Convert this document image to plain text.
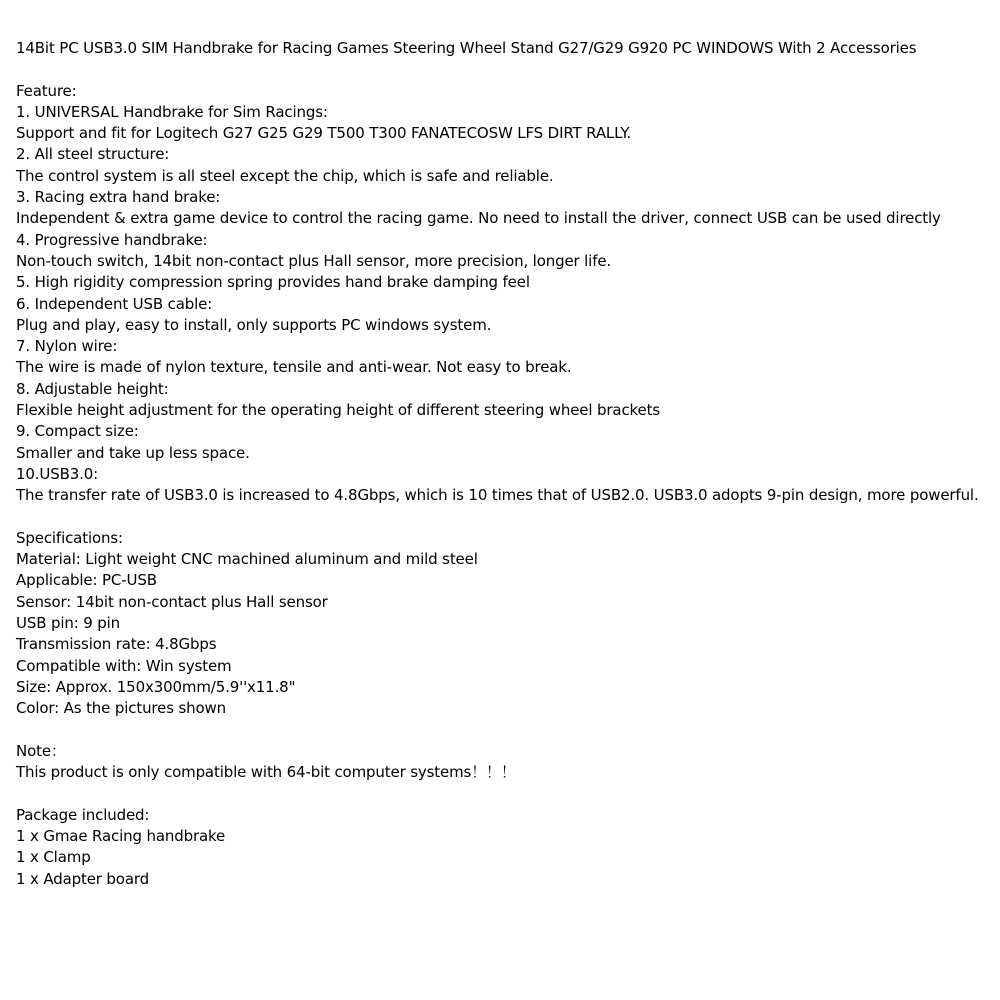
14Bit PC USB3.0 SIM Handbrake for Racing Games Steering Wheel Stand G27/G29 G920 PC WINDOWS With 2 Accessories
Feature:
1. UNIVERSAL Handbrake for Sim Racings:
Support and fit for Logitech G27 G25 G29 T500 T300 FANATECOSW LFS DIRT RALLY.
2. All steel structure:
The control system is all steel except the chip, which is safe and reliable.
3. Racing extra hand brake:
Independent & extra game device to control the racing game. No need to install the driver, connect USB can be used directly
4. Progressive handbrake:
Non-touch switch, 14bit non-contact plus Hall sensor, more precision, longer life.
5. High rigidity compression spring provides hand brake damping feel
6. Independent USB cable:
Plug and play, easy to install, only supports PC windows system.
7. Nylon wire:
The wire is made of nylon texture, tensile and anti-wear. Not easy to break.
8. Adjustable height:
Flexible height adjustment for the operating height of different steering wheel brackets
9. Compact size:
Smaller and take up less space.
10.USB3.0:
The transfer rate of USB3.0 is increased to 4.8Gbps, which is 10 times that of USB2.0. USB3.0 adopts 9-pin design, more powerful.
Specifications:
Material: Light weight CNC machined aluminum and mild steel
Applicable: PC-USB
Sensor: 14bit non-contact plus Hall sensor
USB pin: 9 pin
Transmission rate: 4.8Gbps
Compatible with: Win system
Size: Approx. 150x300mm/5.9''x11.8"
Color: As the pictures shown
Note：
This product is only compatible with 64-bit computer systems！！！
Package included:
1 x Gmae Racing handbrake
1 x Clamp
1 x Adapter board
